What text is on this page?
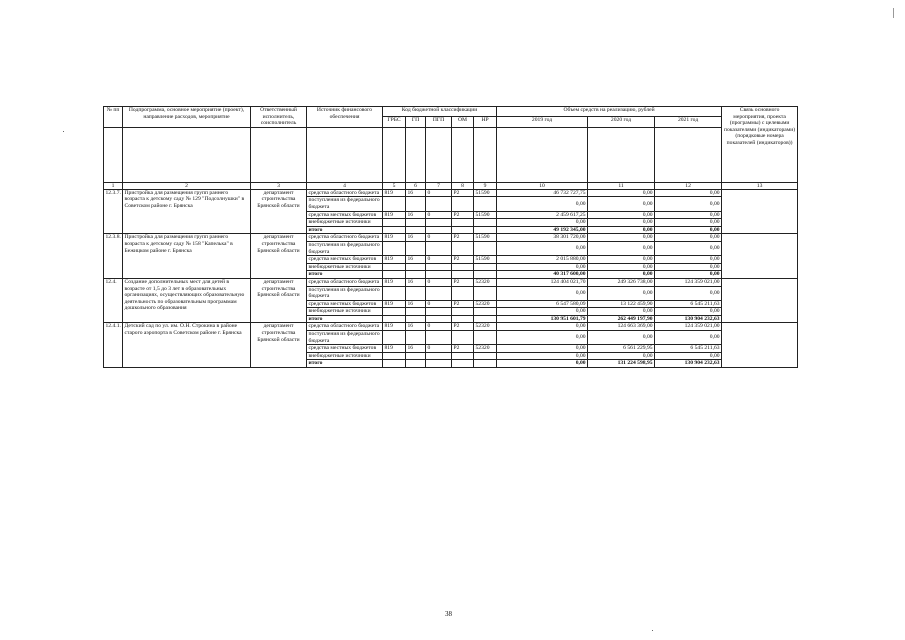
№ пп	Подпрограмма, основное мероприятие (проект), направление расходов, мероприятие	Ответственный исполнитель, соисполнитель	Источник финансового обеспечения	Код бюджетной классификации					Объем средств на реализацию, рублей			Связь основного мероприятия, проекта (программы) с целевыми показателями (индикаторами) (порядковые номера показателей (индикаторов))
				ГРБС	ГП	ПГП	ОМ	НР	2019 год	2020 год	2021 год	

1	2	3	4	5	6	7	8	9	10	11	12	13
12.3.7.	Пристройка для размещения групп раннего возраста к детскому саду № 129 "Подсолнушки" в Советском районе г. Брянска	департамент строительства Брянской области	средства областного бюджета	819	16	0	P2	51590	46 732 727,75	0,00	0,00	
			поступления из федерального бюджета						0,00	0,00	0,00	
			средства местных бюджетов	819	16	0	P2	51590	2 459 617,25	0,00	0,00	
			внебюджетные источники						0,00	0,00	0,00	
			итого						49 192 345,00	0,00	0,00	
12.3.8.	Пристройка для размещения групп раннего возраста к детскому саду № 158 "Капелька" в Бежицком районе г. Брянска	департамент строительства Брянской области	средства областного бюджета	819	16	0	P2	51590	38 301 720,00	0,00	0,00	
			поступления из федерального бюджета						0,00	0,00	0,00	
			средства местных бюджетов	819	16	0	P2	51590	2 015 880,00	0,00	0,00	
			внебюджетные источники						0,00	0,00	0,00	
			итого						40 317 600,00	0,00	0,00	
12.4.	Создание дополнительных мест для детей в возрасте от 1,5 до 3 лет в образовательных организациях, осуществляющих образовательную деятельность по образовательным программам дошкольного образования	департамент строительства Брянской области	средства областного бюджета	819	16	0	P2	52320	124 404 021,70	249 326 738,00	124 359 021,00	
			поступления из федерального бюджета						0,00	0,00	0,00	
			средства местных бюджетов	819	16	0	P2	52320	6 547 580,09	13 122 459,90	6 545 211,63	
			внебюджетные источники						0,00	0,00	0,00	
			итого						130 951 601,79	262 449 197,90	130 904 232,63	
12.4.1.	Детский сад по ул. им. О.Н. Строкина в районе старого аэропорта в Советском районе г. Брянска	департамент строительства Брянской области	средства областного бюджета	819	16	0	P2	52320	0,00	124 663 369,00	124 359 021,00	
			поступления из федерального бюджета						0,00	0,00	0,00	
			средства местных бюджетов	819	16	0	P2	52320	0,00	6 561 229,95	6 545 211,63	
			внебюджетные источники						0,00	0,00	0,00	
			итого						0,00	131 224 598,95	130 904 232,63	
38
